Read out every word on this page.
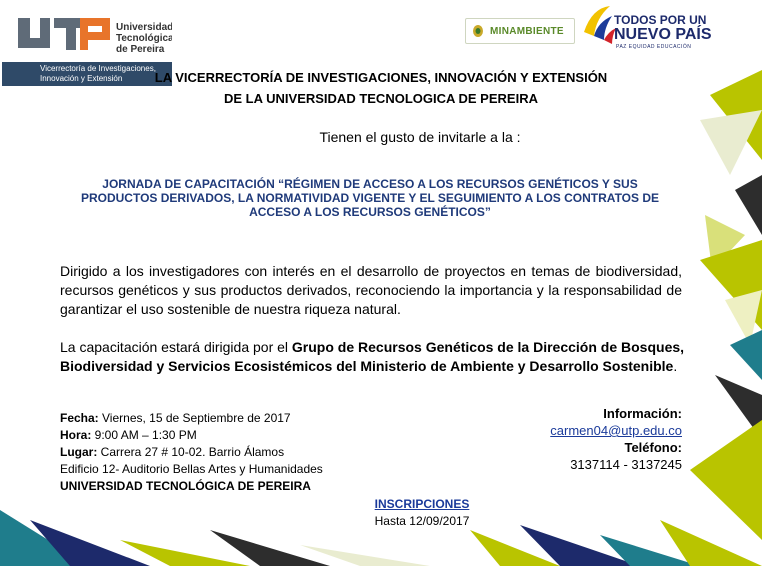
Universidad
Tecnológica
de Pereira
Vicerrectoría de Investigaciones,
Innovación y Extensión
MINAMBIENTE
TODOS POR UN
NUEVO PAÍS
PAZ EQUIDAD EDUCACIÓN
LA VICERRECTORÍA DE INVESTIGACIONES, INNOVACIÓN Y EXTENSIÓN
DE LA UNIVERSIDAD TECNOLOGICA DE PEREIRA
Tienen el gusto de invitarle a la :
JORNADA DE CAPACITACIÓN “RÉGIMEN DE ACCESO A LOS RECURSOS GENÉTICOS Y SUS
PRODUCTOS DERIVADOS, LA NORMATIVIDAD VIGENTE Y EL SEGUIMIENTO A LOS CONTRATOS DE
ACCESO A LOS RECURSOS GENÉTICOS”
Dirigido a los investigadores con interés en el desarrollo de proyectos en temas de biodiversidad, recursos genéticos y sus productos derivados, reconociendo la importancia y la responsabilidad de garantizar el uso sostenible de nuestra riqueza natural.
La capacitación estará dirigida por el Grupo de Recursos Genéticos de la Dirección de Bosques, Biodiversidad y Servicios Ecosistémicos del Ministerio de Ambiente y Desarrollo Sostenible.
Fecha: Viernes, 15 de Septiembre de 2017
Hora: 9:00 AM – 1:30 PM
Lugar: Carrera 27 # 10-02. Barrio Álamos
Edificio 12- Auditorio Bellas Artes y Humanidades
UNIVERSIDAD TECNOLÓGICA DE PEREIRA
Información:
carmen04@utp.edu.co
Teléfono:
3137114 - 3137245
INSCRIPCIONES
Hasta 12/09/2017
